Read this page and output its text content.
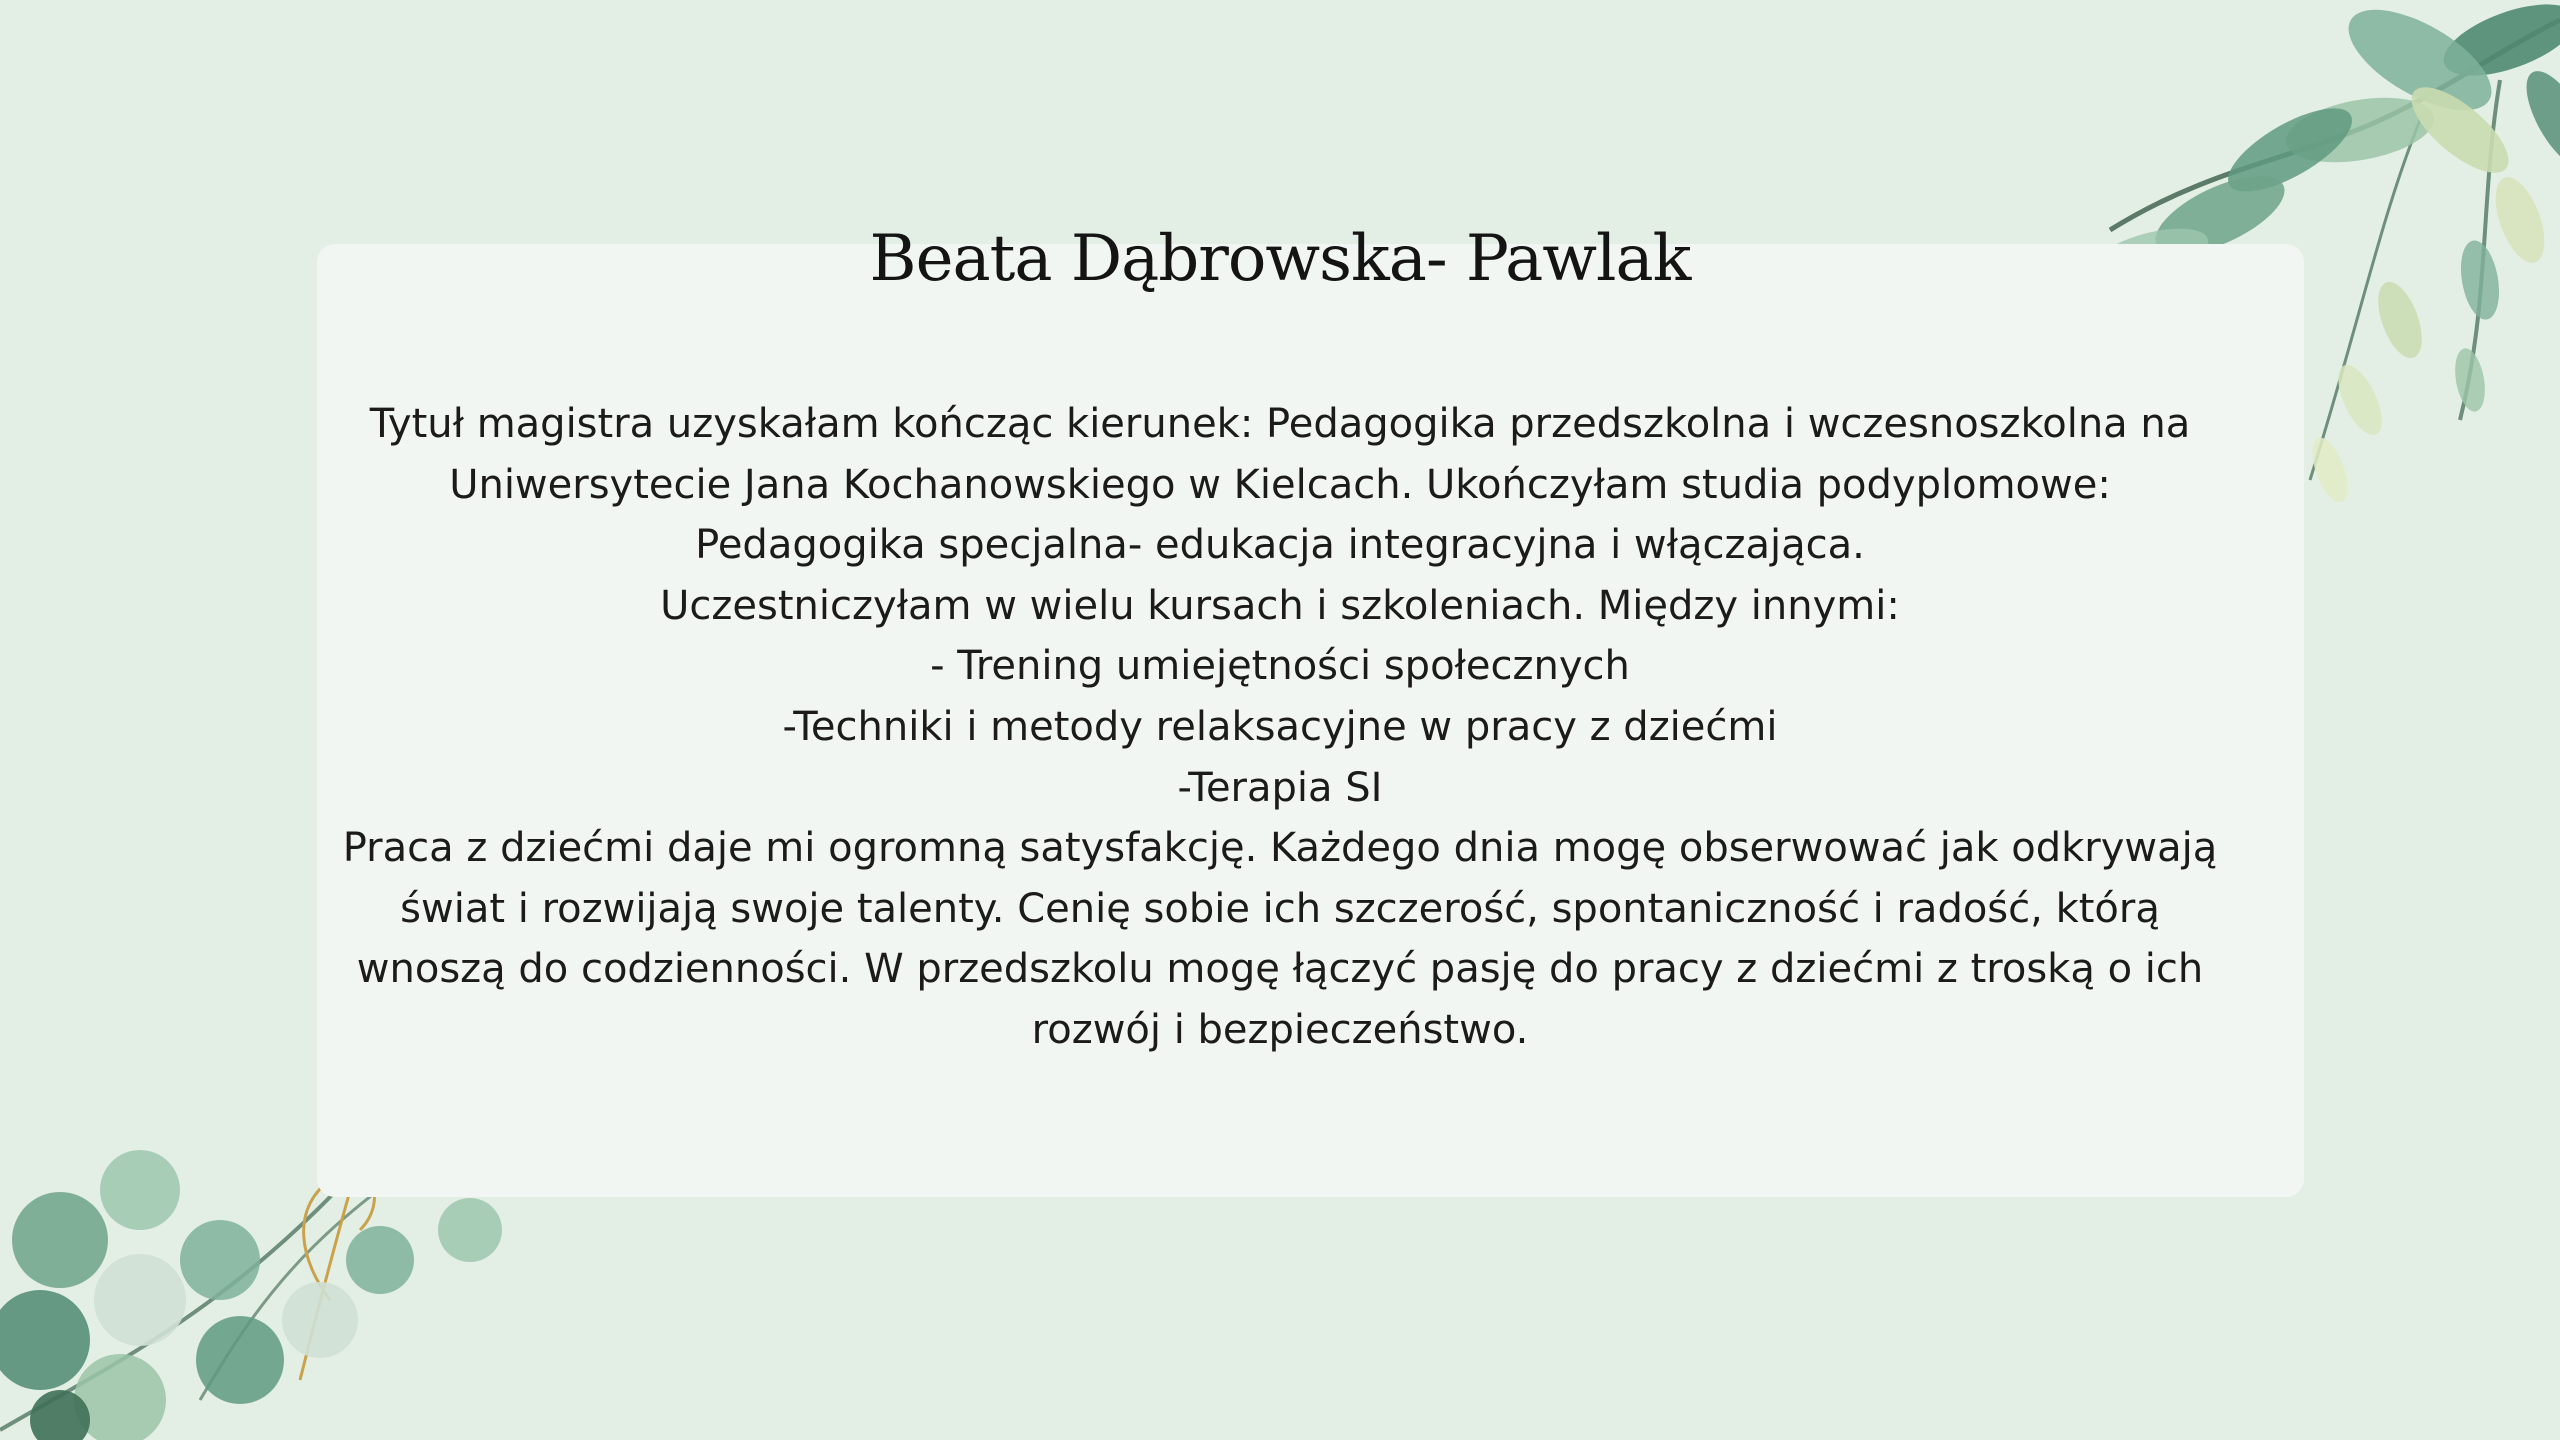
Beata Dąbrowska- Pawlak
Tytuł magistra uzyskałam kończąc kierunek: Pedagogika przedszkolna i wczesnoszkolna na
Uniwersytecie Jana Kochanowskiego w Kielcach. Ukończyłam studia podyplomowe:
Pedagogika specjalna- edukacja integracyjna i włączająca.
Uczestniczyłam w wielu kursach i szkoleniach. Między innymi:
- Trening umiejętności społecznych
-Techniki i metody relaksacyjne w pracy z dziećmi
-Terapia SI
Praca z dziećmi daje mi ogromną satysfakcję. Każdego dnia mogę obserwować jak odkrywają
świat i rozwijają swoje talenty. Cenię sobie ich szczerość, spontaniczność i radość, którą
wnoszą do codzienności. W przedszkolu mogę łączyć pasję do pracy z dziećmi z troską o ich
rozwój i bezpieczeństwo.
